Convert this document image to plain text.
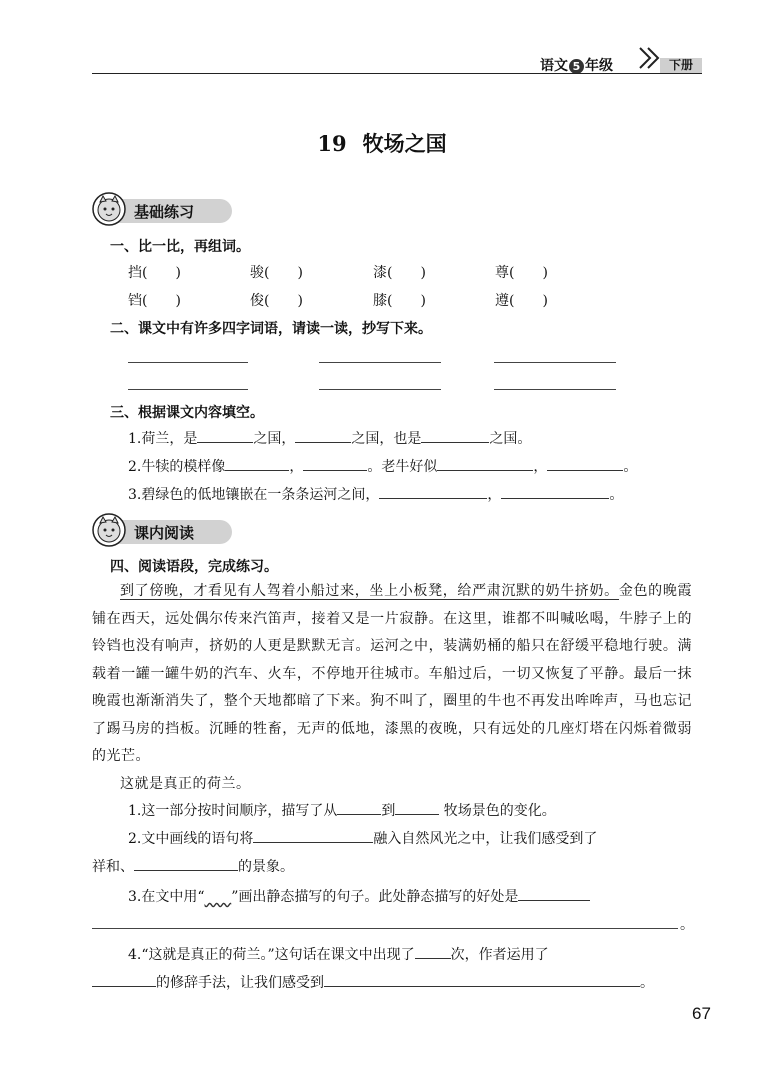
语文 5 年级	下册
19 牧场之国
基础练习
一、比一比，再组词。
挡(　　)	骏(　　)	漆(　　)	尊(　　)
铛(　　)	俊(　　)	膝(　　)	遵(　　)
二、课文中有许多四字词语，请读一读，抄写下来。
三、根据课文内容填空。
1.荷兰，是	之国，	之国，也是	之国。
2.牛犊的模样像	，	。老牛好似	，	。
3.碧绿色的低地镶嵌在一条条运河之间，	，	。
课内阅读
四、阅读语段，完成练习。

到了傍晚，才看见有人驾着小船过来，坐上小板凳，给严肃沉默的奶牛挤奶。金色的晚霞铺在西天，远处偶尔传来汽笛声，接着又是一片寂静。在这里，谁都不叫喊吆喝，牛脖子上的铃铛也没有响声，挤奶的人更是默默无言。运河之中，装满奶桶的船只在舒缓平稳地行驶。满载着一罐一罐牛奶的汽车、火车，不停地开往城市。车船过后，一切又恢复了平静。最后一抹晚霞也渐渐消失了，整个天地都暗了下来。狗不叫了，圈里的牛也不再发出哞哞声，马也忘记了踢马房的挡板。沉睡的牲畜，无声的低地，漆黑的夜晚，只有远处的几座灯塔在闪烁着微弱的光芒。

这就是真正的荷兰。

1.这一部分按时间顺序，描写了从	到	牧场景色的变化。
2.文中画线的语句将	融入自然风光之中，让我们感受到了
祥和、	的景象。
3.在文中用“ ”画出静态描写的句子。此处静态描写的好处是
。
4.“这就是真正的荷兰。”这句话在课文中出现了	次，作者运用了
的修辞手法，让我们感受到	。
67
